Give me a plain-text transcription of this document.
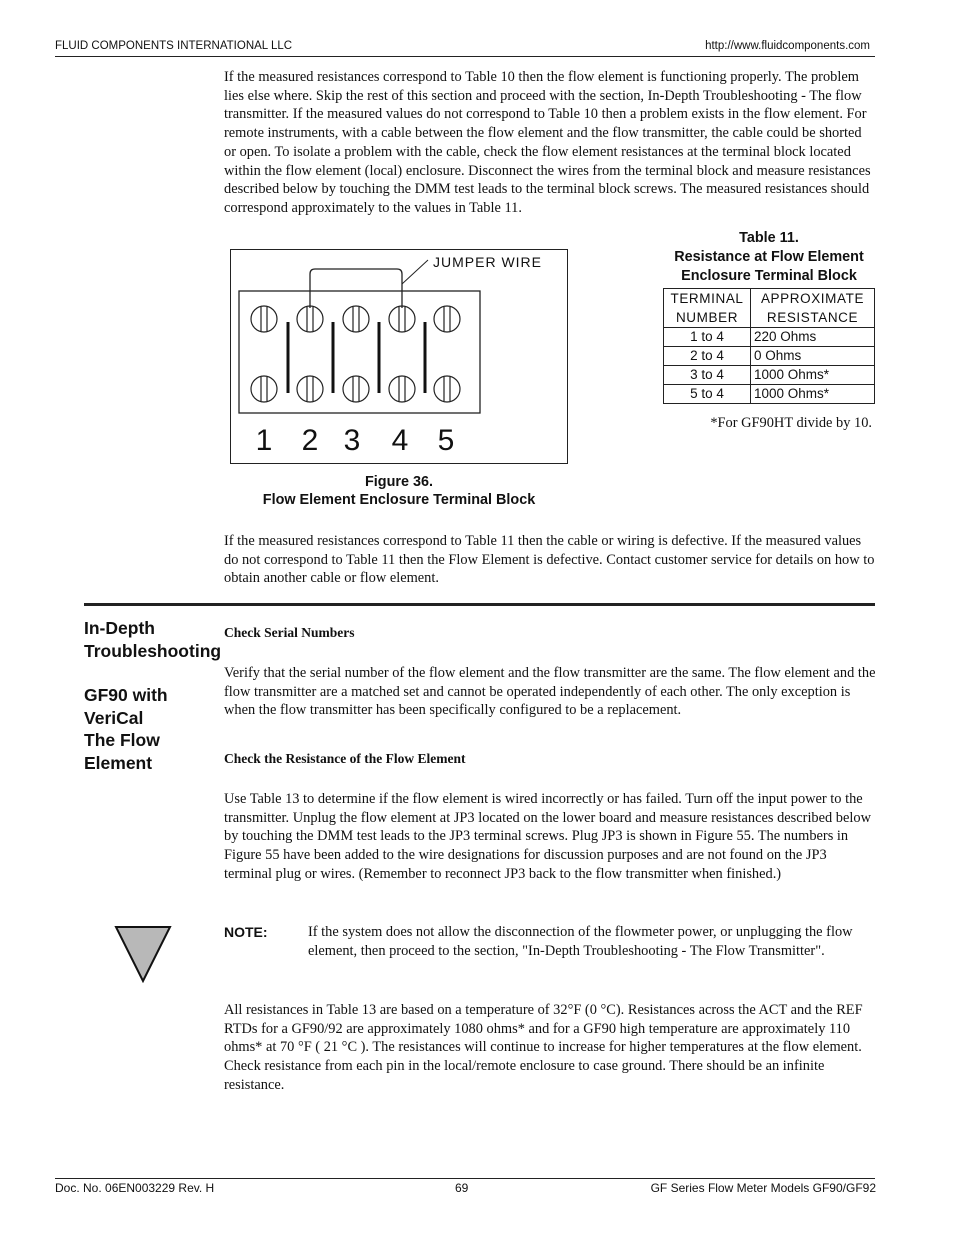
FLUID COMPONENTS INTERNATIONAL LLC	http://www.fluidcomponents.com

If the measured resistances correspond to Table 10 then the flow element is functioning properly. The problem lies else where. Skip the rest of this section and proceed with the section, In-Depth Troubleshooting - The flow transmitter. If the measured values do not correspond to Table 10 then a problem exists in the flow element. For remote instruments, with a cable between the flow element and the flow transmitter, the cable could be shorted or open. To isolate a problem with the cable, check the flow element resistances at the terminal block located within the flow element (local) enclosure. Disconnect the wires from the terminal block and measure resistances described below by touching the DMM test leads to the terminal block screws. The measured resistances should correspond approximately to the values in Table 11.

JUMPER WIRE
1 2 3 4 5
Figure 36.
Flow Element Enclosure Terminal Block
Table 11.
Resistance at Flow Element
Enclosure Terminal Block
TERMINAL	APPROXIMATE
NUMBER	RESISTANCE
1 to 4	220 Ohms
2 to 4	0 Ohms
3 to 4	1000 Ohms*
5 to 4	1000 Ohms*
*For GF90HT divide by 10.

If the measured resistances correspond to Table 11 then the cable or wiring is defective. If the measured values do not correspond to Table 11 then the Flow Element is defective. Contact customer service for details on how to obtain another cable or flow element.

In-Depth
Troubleshooting
GF90 with
VeriCal
The Flow
Element
Check Serial Numbers

Verify that the serial number of the flow element and the flow transmitter are the same. The flow element and the flow transmitter are a matched set and cannot be operated independently of each other. The only exception is when the flow transmitter has been specifically configured to be a replacement.

Check the Resistance of the Flow Element

Use Table 13 to determine if the flow element is wired incorrectly or has failed. Turn off the input power to the transmitter. Unplug the flow element at JP3 located on the lower board and measure resistances described below by touching the DMM test leads to the JP3 terminal screws. Plug JP3 is shown in Figure 55. The numbers in Figure 55 have been added to the wire designations for discussion purposes and are not found on the JP3 terminal plug or wires. (Remember to reconnect JP3 back to the flow transmitter when finished.)

NOTE:	If the system does not allow the disconnection of the flowmeter power, or unplugging the flow element, then proceed to the section, "In-Depth Troubleshooting - The Flow Transmitter".

All resistances in Table 13 are based on a temperature of 32°F (0 °C). Resistances across the ACT and the REF RTDs for a GF90/92 are approximately 1080 ohms* and for a GF90 high temperature are approximately 110 ohms* at 70 °F ( 21 °C ). The resistances will continue to increase for higher temperatures at the flow element. Check resistance from each pin in the local/remote enclosure to case ground. There should be an infinite resistance.

Doc. No. 06EN003229 Rev. H	69	GF Series Flow Meter Models GF90/GF92
